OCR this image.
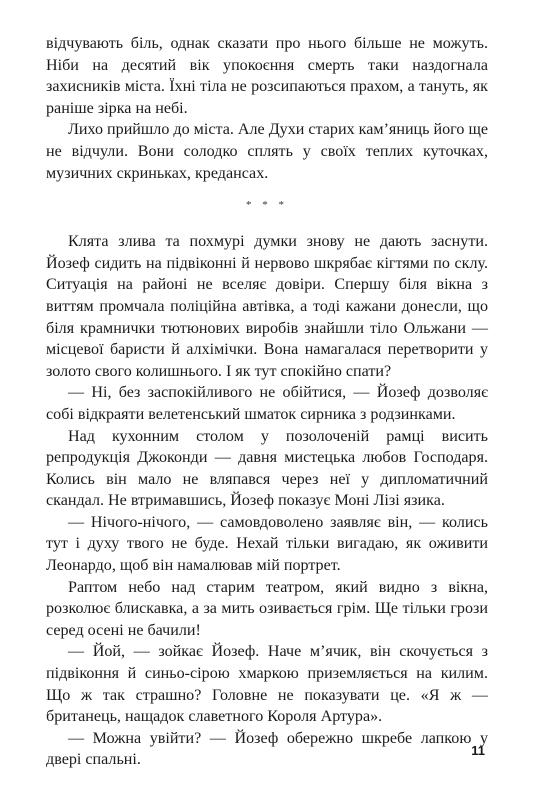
відчувають біль, однак сказати про нього більше не можуть. Ніби на десятий вік упокоєння смерть таки наздогнала захисників міста. Їхні тіла не розсипаються прахом, а тануть, як раніше зірка на небі.

Лихо прийшло до міста. Але Духи старих кам’яниць його ще не відчули. Вони солодко сплять у своїх теплих куточках, музичних скриньках, кредансах.

* * *

Клята злива та похмурі думки знову не дають заснути. Йозеф сидить на підвіконні й нервово шкрябає кігтями по склу. Ситуація на районі не вселяє довіри. Спершу біля вікна з виттям промчала поліційна автівка, а тоді кажани донесли, що біля крамнички тютюнових виробів знайшли тіло Ольжани — місцевої баристи й алхімічки. Вона намагалася перетворити у золото свого колишнього. І як тут спокійно спати?

— Ні, без заспокійливого не обійтися, — Йозеф дозволяє собі відкраяти велетенський шматок сирника з родзинками.

Над кухонним столом у позолоченій рамці висить репродукція Джоконди — давня мистецька любов Господаря. Колись він мало не вляпався через неї у дипломатичний скандал. Не втримавшись, Йозеф показує Моні Лізі язика.

— Нічого-нічого, — самовдоволено заявляє він, — колись тут і духу твого не буде. Нехай тільки вигадаю, як оживити Леонардо, щоб він намалював мій портрет.

Раптом небо над старим театром, який видно з вікна, розколює блискавка, а за мить озивається грім. Ще тільки грози серед осені не бачили!

— Йой, — зойкає Йозеф. Наче м’ячик, він скочується з підвіконня й синьо-сірою хмаркою приземляється на килим. Що ж так страшно? Головне не показувати це. «Я ж — британець, нащадок славетного Короля Артура».

— Можна увійти? — Йозеф обережно шкребе лапкою у двері спальні.

11
